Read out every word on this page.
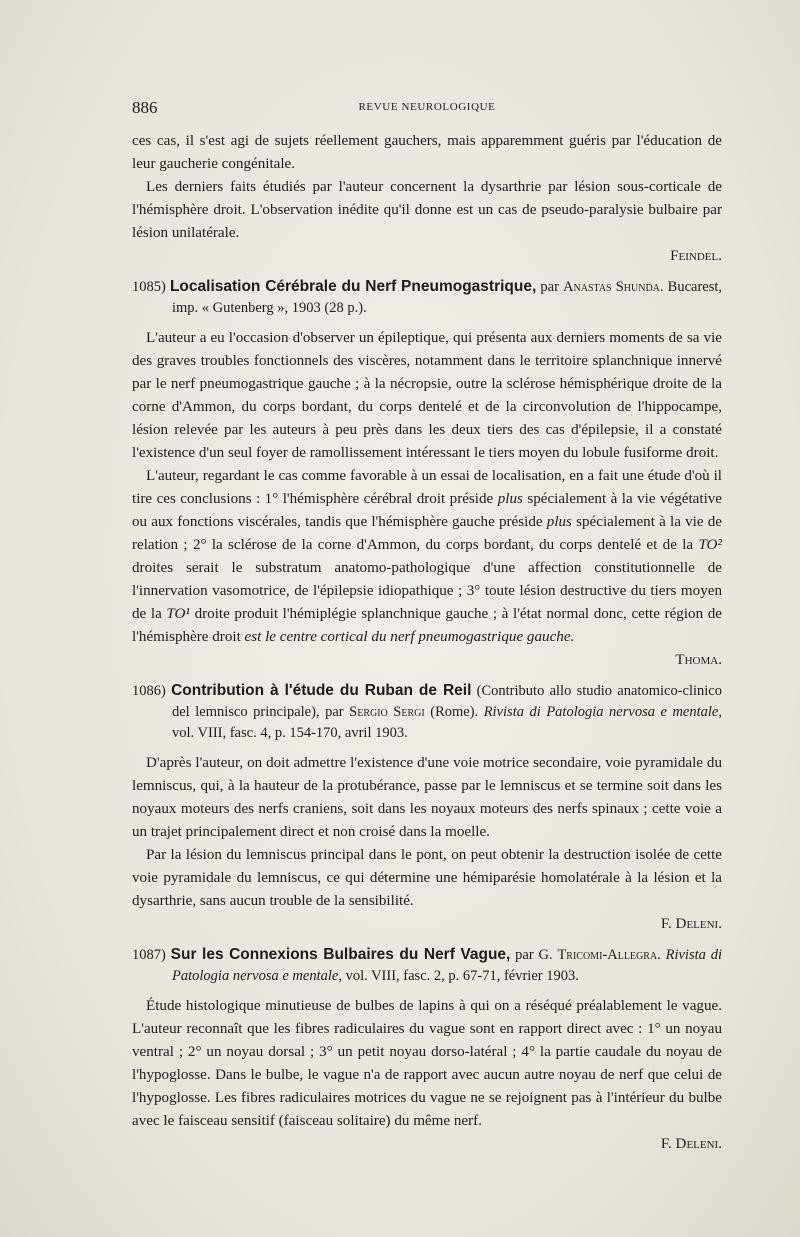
886	REVUE NEUROLOGIQUE

ces cas, il s'est agi de sujets réellement gauchers, mais apparemment guéris par l'éducation de leur gaucherie congénitale.

Les derniers faits étudiés par l'auteur concernent la dysarthrie par lésion sous-corticale de l'hémisphère droit. L'observation inédite qu'il donne est un cas de pseudo-paralysie bulbaire par lésion unilatérale.

Feindel.

1085) Localisation Cérébrale du Nerf Pneumogastrique, par Anastas Shunda. Bucarest, imp. « Gutenberg », 1903 (28 p.).

L'auteur a eu l'occasion d'observer un épileptique, qui présenta aux derniers moments de sa vie des graves troubles fonctionnels des viscères, notamment dans le territoire splanchnique innervé par le nerf pneumogastrique gauche ; à la nécropsie, outre la sclérose hémisphérique droite de la corne d'Ammon, du corps bordant, du corps dentelé et de la circonvolution de l'hippocampe, lésion relevée par les auteurs à peu près dans les deux tiers des cas d'épilepsie, il a constaté l'existence d'un seul foyer de ramollissement intéressant le tiers moyen du lobule fusiforme droit.

L'auteur, regardant le cas comme favorable à un essai de localisation, en a fait une étude d'où il tire ces conclusions : 1° l'hémisphère cérébral droit préside plus spécialement à la vie végétative ou aux fonctions viscérales, tandis que l'hémisphère gauche préside plus spécialement à la vie de relation ; 2° la sclérose de la corne d'Ammon, du corps bordant, du corps dentelé et de la TO² droites serait le substratum anatomo-pathologique d'une affection constitutionnelle de l'innervation vasomotrice, de l'épilepsie idiopathique ; 3° toute lésion destructive du tiers moyen de la TO¹ droite produit l'hémiplégie splanchnique gauche ; à l'état normal donc, cette région de l'hémisphère droit est le centre cortical du nerf pneumogastrique gauche.

Thoma.

1086) Contribution à l'étude du Ruban de Reil (Contributo allo studio anatomico-clinico del lemnisco principale), par Sergio Sergi (Rome). Rivista di Patologia nervosa e mentale, vol. VIII, fasc. 4, p. 154-170, avril 1903.

D'après l'auteur, on doit admettre l'existence d'une voie motrice secondaire, voie pyramidale du lemniscus, qui, à la hauteur de la protubérance, passe par le lemniscus et se termine soit dans les noyaux moteurs des nerfs craniens, soit dans les noyaux moteurs des nerfs spinaux ; cette voie a un trajet principalement direct et non croisé dans la moelle.

Par la lésion du lemniscus principal dans le pont, on peut obtenir la destruction isolée de cette voie pyramidale du lemniscus, ce qui détermine une hémiparésie homolatérale à la lésion et la dysarthrie, sans aucun trouble de la sensibilité.

F. Deleni.

1087) Sur les Connexions Bulbaires du Nerf Vague, par G. Tricomi-Allegra. Rivista di Patologia nervosa e mentale, vol. VIII, fasc. 2, p. 67-71, février 1903.

Étude histologique minutieuse de bulbes de lapins à qui on a réséqué préalablement le vague. L'auteur reconnaît que les fibres radiculaires du vague sont en rapport direct avec : 1° un noyau ventral ; 2° un noyau dorsal ; 3° un petit noyau dorso-latéral ; 4° la partie caudale du noyau de l'hypoglosse. Dans le bulbe, le vague n'a de rapport avec aucun autre noyau de nerf que celui de l'hypoglosse. Les fibres radiculaires motrices du vague ne se rejoignent pas à l'intérieur du bulbe avec le faisceau sensitif (faisceau solitaire) du même nerf.

F. Deleni.
